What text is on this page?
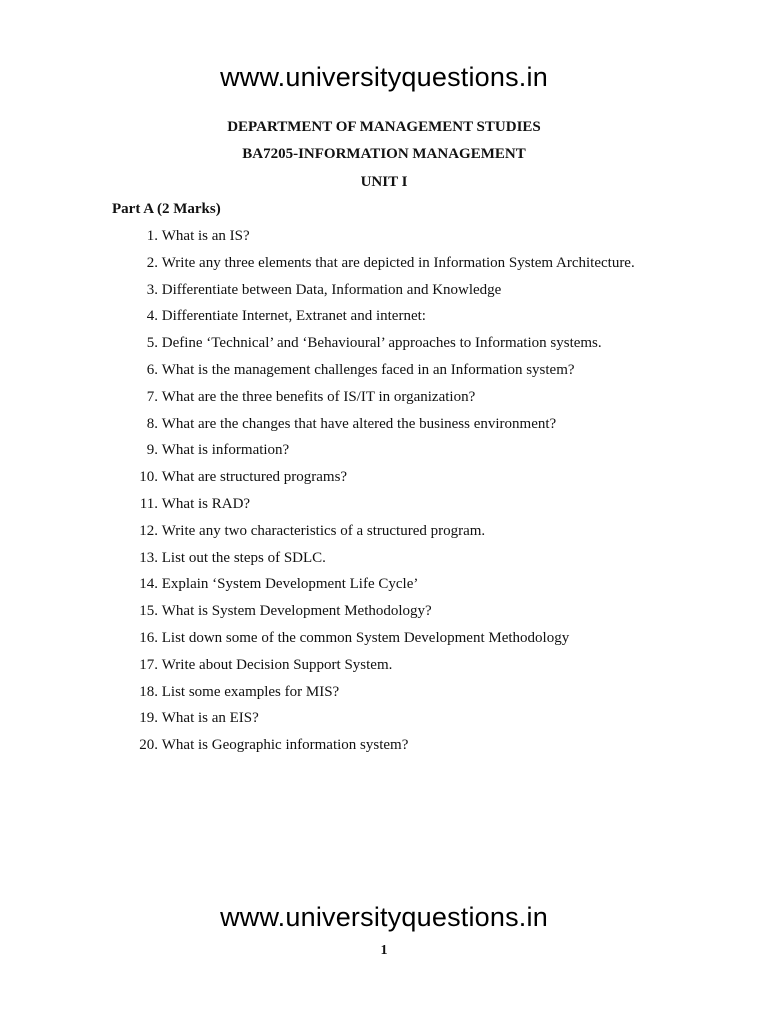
www.universityquestions.in
DEPARTMENT OF MANAGEMENT STUDIES
BA7205-INFORMATION MANAGEMENT
UNIT I
Part A (2 Marks)
1.
What is an IS?
2.
Write any three elements that are depicted in Information System Architecture.
3.
Differentiate between Data, Information and Knowledge
4.
Differentiate Internet, Extranet and internet:
5.
Define ‘Technical’ and ‘Behavioural’ approaches to Information systems.
6.
What is the management challenges faced in an Information system?
7.
What are the three benefits of IS/IT in organization?
8.
What are the changes that have altered the business environment?
9.
What is information?
10.
What are structured programs?
11.
What is RAD?
12.
Write any two characteristics of a structured program.
13.
List out the steps of SDLC.
14.
Explain ‘System Development Life Cycle’
15.
What is System Development Methodology?
16.
List down some of the common System Development Methodology
17.
Write about Decision Support System.
18.
List some examples for MIS?
19.
What is an EIS?
20.
What is Geographic information system?
www.universityquestions.in
1
